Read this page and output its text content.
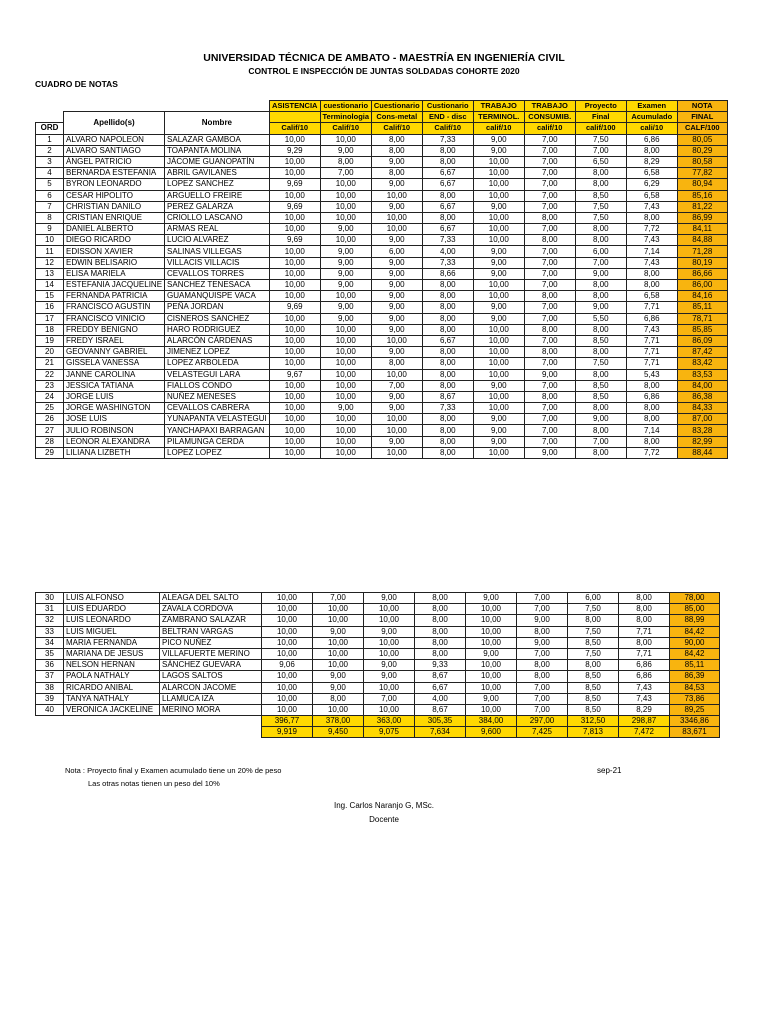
UNIVERSIDAD TÉCNICA DE AMBATO - MAESTRÍA EN INGENIERÍA CIVIL
CONTROL E INSPECCIÓN DE JUNTAS SOLDADAS COHORTE 2020
CUADRO DE NOTAS
			ASISTENCIA	cuestionario	Cuestionario	Custionario	TRABAJO	TRABAJO	Proyecto	Examen	NOTA
	Apellido(s)	Nombre		Terminologia	Cons-metal	END - disc	TERMINOL.	CONSUMIB.	Final	Acumulado	FINAL
ORD			Calif/10	Calif/10	Calif/10	Calif/10	calif/10	calif/10	calif/100	cali/10	CALF/100
1	ALVARO NAPOLEON	SALAZAR GAMBOA	10,00	10,00	8,00	7,33	9,00	7,00	7,50	6,86	80,05
2	ALVARO SANTIAGO	TOAPANTA MOLINA	9,29	9,00	8,00	8,00	9,00	7,00	7,00	8,00	80,29
3	ÁNGEL PATRICIO	JÁCOME GUANOPATÍN	10,00	8,00	9,00	8,00	10,00	7,00	6,50	8,29	80,58
4	BERNARDA ESTEFANIA	ABRIL GAVILANES	10,00	7,00	8,00	6,67	10,00	7,00	8,00	6,58	77,82
5	BYRON LEONARDO	LOPEZ SANCHEZ	9,69	10,00	9,00	6,67	10,00	7,00	8,00	6,29	80,94
6	CESAR HIPOLITO	ARGUELLO FREIRE	10,00	10,00	10,00	8,00	10,00	7,00	8,50	6,58	85,16
7	CHRISTIAN DANILO	PEREZ GALARZA	9,69	10,00	9,00	6,67	9,00	7,00	7,50	7,43	81,22
8	CRISTIAN ENRIQUE	CRIOLLO LASCANO	10,00	10,00	10,00	8,00	10,00	8,00	7,50	8,00	86,99
9	DANIEL ALBERTO	ARMAS REAL	10,00	9,00	10,00	6,67	10,00	7,00	8,00	7,72	84,11
10	DIEGO RICARDO	LUCIO ALVAREZ	9,69	10,00	9,00	7,33	10,00	8,00	8,00	7,43	84,88
11	EDISSON XAVIER	SALINAS VILLEGAS	10,00	9,00	6,00	4,00	9,00	7,00	6,00	7,14	71,28
12	EDWIN BELISARIO	VILLACIS VILLACIS	10,00	9,00	9,00	7,33	9,00	7,00	7,00	7,43	80,19
13	ELISA MARIELA	CEVALLOS TORRES	10,00	9,00	9,00	8,66	9,00	7,00	9,00	8,00	86,66
14	ESTEFANIA JACQUELINE	SANCHEZ TENESACA	10,00	9,00	9,00	8,00	10,00	7,00	8,00	8,00	86,00
15	FERNANDA PATRICIA	GUAMANQUISPE VACA	10,00	10,00	9,00	8,00	10,00	8,00	8,00	6,58	84,16
16	FRANCISCO AGUSTIN	PEÑA JORDAN	9,69	9,00	9,00	8,00	9,00	7,00	9,00	7,71	85,11
17	FRANCISCO VINICIO	CISNEROS SANCHEZ	10,00	9,00	9,00	8,00	9,00	7,00	5,50	6,86	78,71
18	FREDDY BENIGNO	HARO RODRIGUEZ	10,00	10,00	9,00	8,00	10,00	8,00	8,00	7,43	85,85
19	FREDY ISRAEL	ALARCÓN CÁRDENAS	10,00	10,00	10,00	6,67	10,00	7,00	8,50	7,71	86,09
20	GEOVANNY GABRIEL	JIMENEZ LOPEZ	10,00	10,00	9,00	8,00	10,00	8,00	8,00	7,71	87,42
21	GISSELA VANESSA	LOPEZ ARBOLEDA	10,00	10,00	8,00	8,00	10,00	7,00	7,50	7,71	83,42
22	JANNE CAROLINA	VELASTEGUI LARA	9,67	10,00	10,00	8,00	10,00	9,00	8,00	5,43	83,53
23	JESSICA TATIANA	FIALLOS CONDO	10,00	10,00	7,00	8,00	9,00	7,00	8,50	8,00	84,00
24	JORGE LUIS	NUÑEZ MENESES	10,00	10,00	9,00	8,67	10,00	8,00	8,50	6,86	86,38
25	JORGE WASHINGTON	CEVALLOS CABRERA	10,00	9,00	9,00	7,33	10,00	7,00	8,00	8,00	84,33
26	JOSE LUIS	YUNAPANTA VELASTEGUI	10,00	10,00	10,00	8,00	9,00	7,00	9,00	8,00	87,00
27	JULIO ROBINSON	YANCHAPAXI BARRAGAN	10,00	10,00	10,00	8,00	9,00	7,00	8,00	7,14	83,28
28	LEONOR ALEXANDRA	PILAMUNGA CERDA	10,00	10,00	9,00	8,00	9,00	7,00	7,00	8,00	82,99
29	LILIANA LIZBETH	LOPEZ LOPEZ	10,00	10,00	10,00	8,00	10,00	9,00	8,00	7,72	88,44
30	LUIS ALFONSO	ALEAGA DEL SALTO	10,00	7,00	9,00	8,00	9,00	7,00	6,00	8,00	78,00
31	LUIS EDUARDO	ZAVALA CORDOVA	10,00	10,00	10,00	8,00	10,00	7,00	7,50	8,00	85,00
32	LUIS LEONARDO	ZAMBRANO SALAZAR	10,00	10,00	10,00	8,00	10,00	9,00	8,00	8,00	88,99
33	LUIS MIGUEL	BELTRAN VARGAS	10,00	9,00	9,00	8,00	10,00	8,00	7,50	7,71	84,42
34	MARIA FERNANDA	PICO NUÑEZ	10,00	10,00	10,00	8,00	10,00	9,00	8,50	8,00	90,00
35	MARIANA DE JESUS	VILLAFUERTE MERINO	10,00	10,00	10,00	8,00	9,00	7,00	7,50	7,71	84,42
36	NELSON HERNAN	SÁNCHEZ GUEVARA	9,06	10,00	9,00	9,33	10,00	8,00	8,00	6,86	85,11
37	PAOLA NATHALY	LAGOS SALTOS	10,00	9,00	9,00	8,67	10,00	8,00	8,50	6,86	86,39
38	RICARDO ANIBAL	ALARCON JACOME	10,00	9,00	10,00	6,67	10,00	7,00	8,50	7,43	84,53
39	TANYA NATHALY	LLAMUCA IZA	10,00	8,00	7,00	4,00	9,00	7,00	8,50	7,43	73,86
40	VERONICA JACKELINE	MERINO MORA	10,00	10,00	10,00	8,67	10,00	7,00	8,50	8,29	89,25
			396,77	378,00	363,00	305,35	384,00	297,00	312,50	298,87	3346,86
			9,919	9,450	9,075	7,634	9,600	7,425	7,813	7,472	83,671
Nota : Proyecto final y Examen acumulado tiene un 20% de peso
Las otras notas tienen un peso del 10%
sep-21
Ing. Carlos Naranjo G, MSc.
Docente
